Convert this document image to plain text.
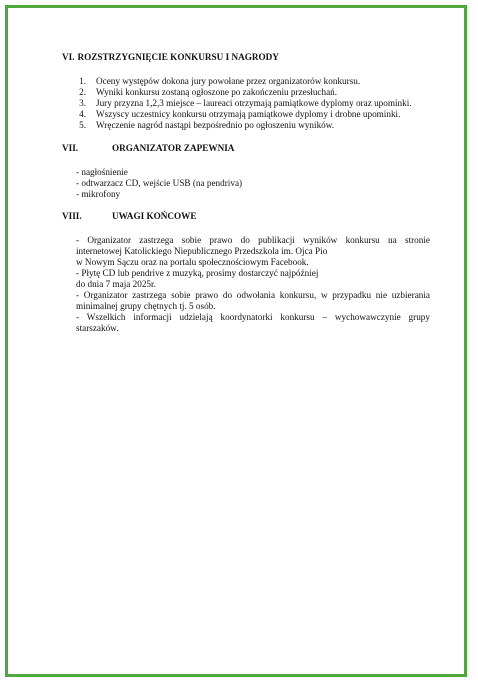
VI. ROZSTRZYGNIĘCIE KONKURSU I NAGRODY
1.	Oceny występów dokona jury powołane przez organizatorów konkursu.
2.	Wyniki konkursu zostaną ogłoszone po zakończeniu przesłuchań.
3.	Jury przyzna 1,2,3 miejsce – laureaci otrzymają pamiątkowe dyplomy oraz upominki.
4.	Wszyscy uczestnicy konkursu otrzymają pamiątkowe dyplomy i drobne upominki.
5.	Wręczenie nagród nastąpi bezpośrednio po ogłoszeniu wyników.
VII.	ORGANIZATOR ZAPEWNIA
- nagłośnienie
- odtwarzacz CD, wejście USB (na pendriva)
- mikrofony
VIII.	UWAGI KOŃCOWE
- Organizator zastrzega sobie prawo do publikacji wyników konkursu na stronie
internetowej Katolickiego Niepublicznego Przedszkola im. Ojca Pio
w Nowym Sączu oraz na portalu społecznościowym Facebook.
- Płytę CD lub pendrive z muzyką, prosimy dostarczyć najpóźniej
do dnia 7 maja 2025r.
- Organizator zastrzega sobie prawo do odwołania konkursu, w przypadku nie uzbierania minimalnej grupy chętnych tj. 5 osób.
- Wszelkich informacji udzielają koordynatorki konkursu – wychowawczynie grupy starszaków.
